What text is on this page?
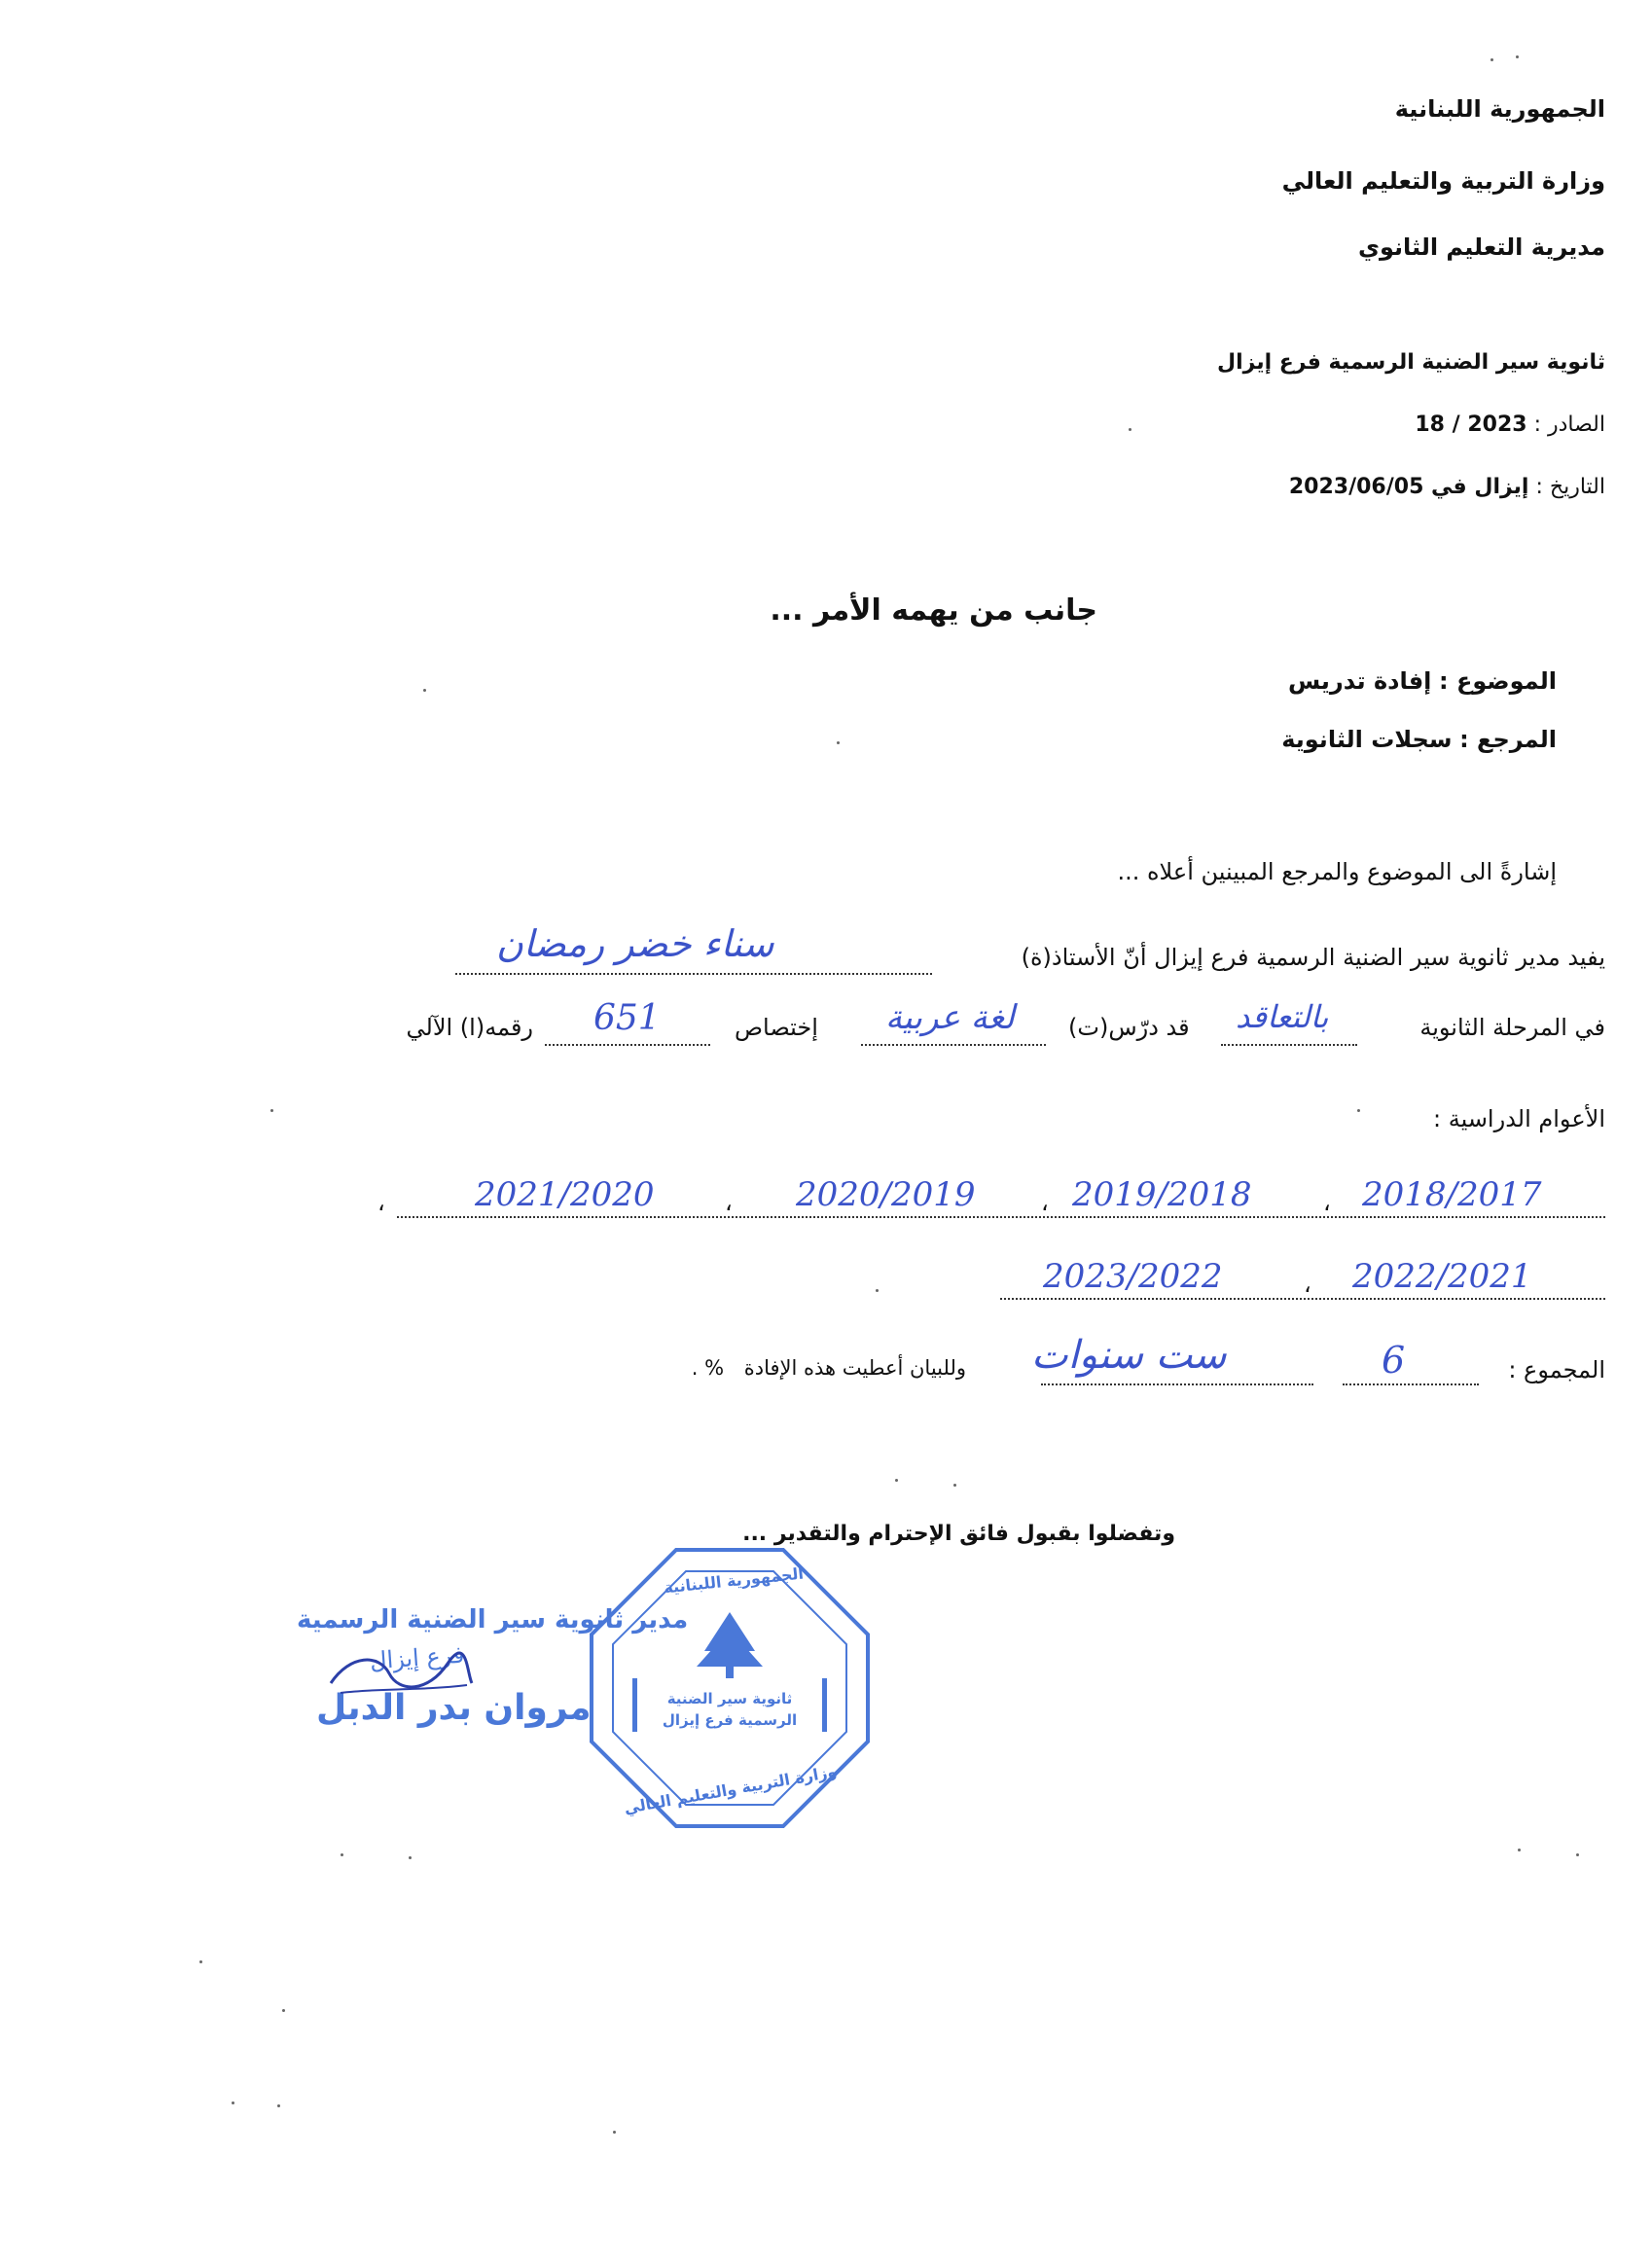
الجمهورية اللبنانية
وزارة التربية والتعليم العالي
مديرية التعليم الثانوي
ثانوية سير الضنية الرسمية فرع إيزال
الصادر : 18 / 2023
التاريخ : إيزال في 2023/06/05
جانب من يهمه الأمر ...
الموضوع : إفادة تدريس
المرجع : سجلات الثانوية
إشارةً الى الموضوع والمرجع المبينين أعلاه ...
يفيد مدير ثانوية سير الضنية الرسمية فرع إيزال أنّ الأستاذ(ة)
سناء خضر رمضان
في المرحلة الثانوية
بالتعاقد
قد درّس(ت)
لغة عربية
إختصاص
651
رقمه(ا) الآلي
الأعوام الدراسية :
2018/2017
2019/2018
2020/2019
2021/2020	،
،
،
،
2022/2021
2023/2022	،
المجموع :
6
ست سنوات
وللبيان أعطيت هذه الإفادة % .
وتفضلوا بقبول فائق الإحترام والتقدير ...
مدير ثانوية سير الضنية الرسمية
فرع إيزال
مروان بدر الدبل
الجمهورية اللبنانية
ثانوية سير الضنية الرسمية فرع إيزال
وزارة التربية والتعليم العالي
